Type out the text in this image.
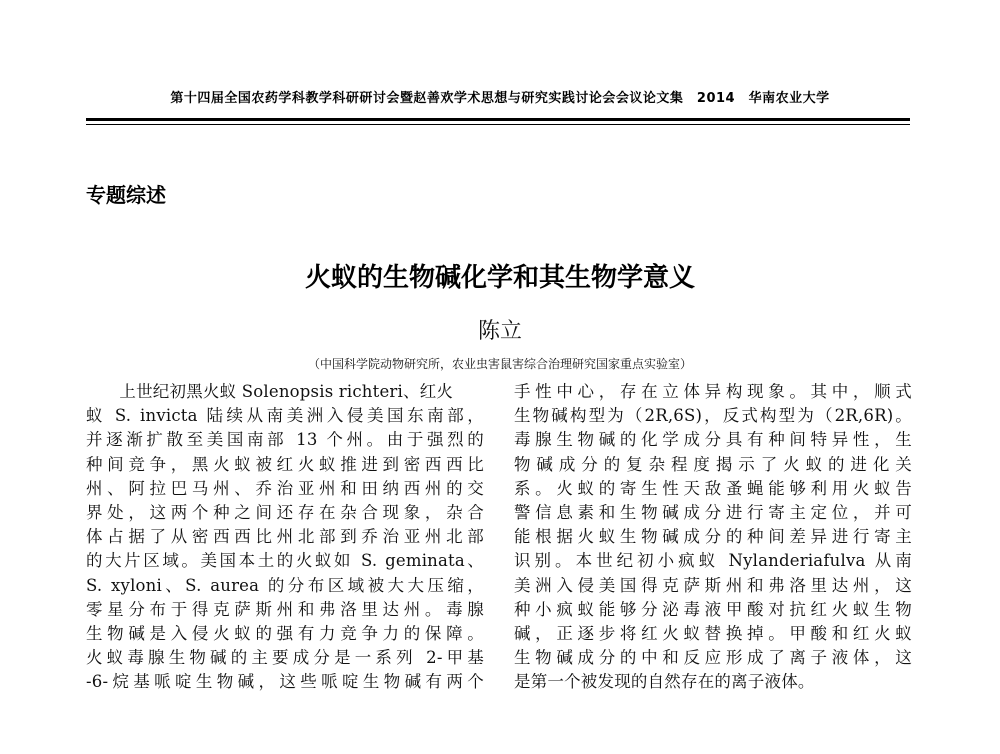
第十四届全国农药学科教学科研研讨会暨赵善欢学术思想与研究实践讨论会会议论文集　2014　华南农业大学
专题综述
火蚁的生物碱化学和其生物学意义
陈立
（中国科学院动物研究所，农业虫害鼠害综合治理研究国家重点实验室）
　　上世纪初黑火蚁 Solenopsis richteri、红火
蚁 S. invicta 陆续从南美洲入侵美国东南部，
并逐渐扩散至美国南部 13 个州。由于强烈的
种间竞争，黑火蚁被红火蚁推进到密西西比
州、阿拉巴马州、乔治亚州和田纳西州的交
界处，这两个种之间还存在杂合现象，杂合
体占据了从密西西比州北部到乔治亚州北部
的大片区域。美国本土的火蚁如 S. geminata、
S. xyloni、S. aurea 的分布区域被大大压缩，
零星分布于得克萨斯州和弗洛里达州。毒腺
生物碱是入侵火蚁的强有力竞争力的保障。
火蚁毒腺生物碱的主要成分是一系列 2-甲基
-6-烷基哌啶生物碱，这些哌啶生物碱有两个
手性中心，存在立体异构现象。其中，顺式
生物碱构型为（2R,6S)，反式构型为（2R,6R)。
毒腺生物碱的化学成分具有种间特异性，生
物碱成分的复杂程度揭示了火蚁的进化关
系。火蚁的寄生性天敌蚤蝇能够利用火蚁告
警信息素和生物碱成分进行寄主定位，并可
能根据火蚁生物碱成分的种间差异进行寄主
识别。本世纪初小疯蚁 Nylanderiafulva 从南
美洲入侵美国得克萨斯州和弗洛里达州，这
种小疯蚁能够分泌毒液甲酸对抗红火蚁生物
碱，正逐步将红火蚁替换掉。甲酸和红火蚁
生物碱成分的中和反应形成了离子液体，这
是第一个被发现的自然存在的离子液体。
